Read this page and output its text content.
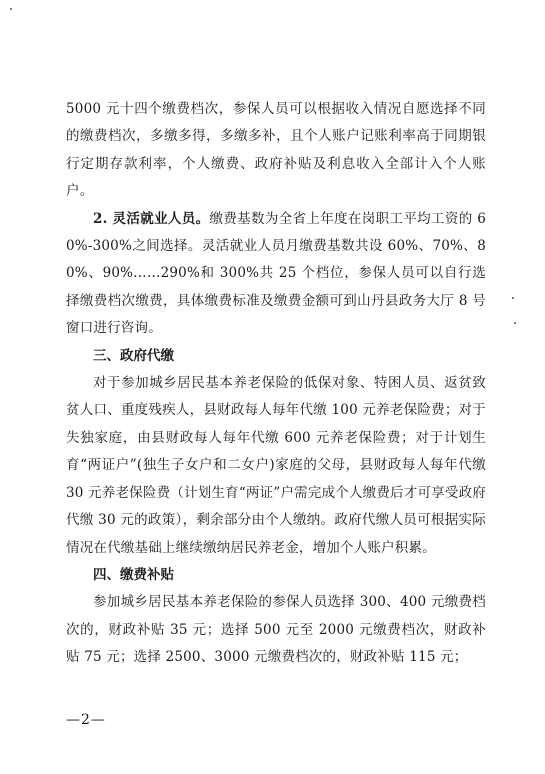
5000 元十四个缴费档次，参保人员可以根据收入情况自愿选择不同的缴费档次，多缴多得，多缴多补，且个人账户记账利率高于同期银行定期存款利率，个人缴费、政府补贴及利息收入全部计入个人账户。

2. 灵活就业人员。缴费基数为全省上年度在岗职工平均工资的 60%-300%之间选择。灵活就业人员月缴费基数共设 60%、70%、80%、90%……290%和 300%共 25 个档位，参保人员可以自行选择缴费档次缴费，具体缴费标准及缴费金额可到山丹县政务大厅 8 号窗口进行咨询。

三、政府代缴

对于参加城乡居民基本养老保险的低保对象、特困人员、返贫致贫人口、重度残疾人，县财政每人每年代缴 100 元养老保险费；对于失独家庭，由县财政每人每年代缴 600 元养老保险费；对于计划生育“两证户”(独生子女户和二女户)家庭的父母，县财政每人每年代缴 30 元养老保险费（计划生育“两证”户需完成个人缴费后才可享受政府代缴 30 元的政策），剩余部分由个人缴纳。政府代缴人员可根据实际情况在代缴基础上继续缴纳居民养老金，增加个人账户积累。

四、缴费补贴

参加城乡居民基本养老保险的参保人员选择 300、400 元缴费档次的，财政补贴 35 元；选择 500 元至 2000 元缴费档次，财政补贴 75 元；选择 2500、3000 元缴费档次的，财政补贴 115 元；

—2—
